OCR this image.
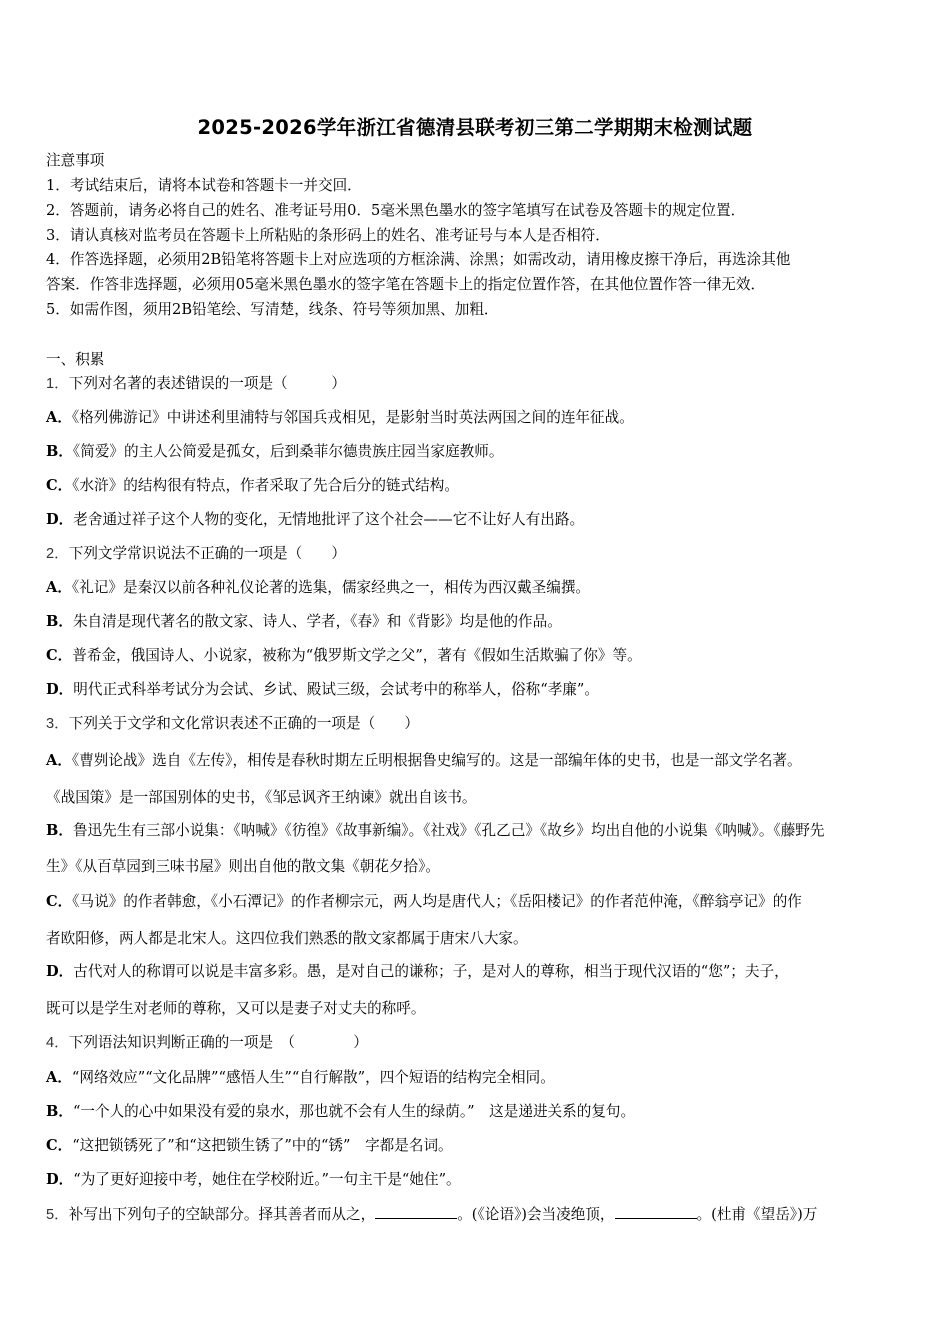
2025-2026学年浙江省德清县联考初三第二学期期末检测试题
注意事项
1．考试结束后，请将本试卷和答题卡一并交回．
2．答题前，请务必将自己的姓名、准考证号用0．5毫米黑色墨水的签字笔填写在试卷及答题卡的规定位置．
3．请认真核对监考员在答题卡上所粘贴的条形码上的姓名、准考证号与本人是否相符．
4．作答选择题，必须用2B铅笔将答题卡上对应选项的方框涂满、涂黑；如需改动，请用橡皮擦干净后，再选涂其他
答案．作答非选择题，必须用05毫米黑色墨水的签字笔在答题卡上的指定位置作答，在其他位置作答一律无效．
5．如需作图，须用2B铅笔绘、写清楚，线条、符号等须加黑、加粗．
一、积累
1．下列对名著的表述错误的一项是（　　　）
A．《格列佛游记》中讲述利里浦特与邻国兵戎相见，是影射当时英法两国之间的连年征战。
B．《简爱》的主人公简爱是孤女，后到桑菲尔德贵族庄园当家庭教师。
C．《水浒》的结构很有特点，作者采取了先合后分的链式结构。
D．老舍通过祥子这个人物的变化，无情地批评了这个社会——它不让好人有出路。
2．下列文学常识说法不正确的一项是（　　）
A．《礼记》是秦汉以前各种礼仪论著的选集，儒家经典之一，相传为西汉戴圣编撰。
B．朱自清是现代著名的散文家、诗人、学者，《春》和《背影》均是他的作品。
C．普希金，俄国诗人、小说家，被称为“俄罗斯文学之父”，著有《假如生活欺骗了你》等。
D．明代正式科举考试分为会试、乡试、殿试三级，会试考中的称举人，俗称“孝廉”。
3．下列关于文学和文化常识表述不正确的一项是（　　）
A．《曹刿论战》选自《左传》，相传是春秋时期左丘明根据鲁史编写的。这是一部编年体的史书，也是一部文学名著。
《战国策》是一部国别体的史书，《邹忌讽齐王纳谏》就出自该书。
B．鲁迅先生有三部小说集：《呐喊》《彷徨》《故事新编》。《社戏》《孔乙己》《故乡》均出自他的小说集《呐喊》。《藤野先
生》《从百草园到三味书屋》则出自他的散文集《朝花夕拾》。
C．《马说》的作者韩愈，《小石潭记》的作者柳宗元，两人均是唐代人；《岳阳楼记》的作者范仲淹，《醉翁亭记》的作
者欧阳修，两人都是北宋人。这四位我们熟悉的散文家都属于唐宋八大家。
D．古代对人的称谓可以说是丰富多彩。愚，是对自己的谦称；子，是对人的尊称，相当于现代汉语的“您”；夫子，
既可以是学生对老师的尊称，又可以是妻子对丈夫的称呼。
4．下列语法知识判断正确的一项是　（　　　　）
A．“网络效应”“文化品牌”“感悟人生”“自行解散”，四个短语的结构完全相同。
B．“一个人的心中如果没有爱的泉水，那也就不会有人生的绿荫。”　这是递进关系的复句。
C．“这把锁锈死了”和“这把锁生锈了”中的“锈”　字都是名词。
D．“为了更好迎接中考，她住在学校附近。”一句主干是“她住”。
5．补写出下列句子的空缺部分。择其善者而从之，	。(《论语》)会当凌绝顶，	。(杜甫《望岳》)万
